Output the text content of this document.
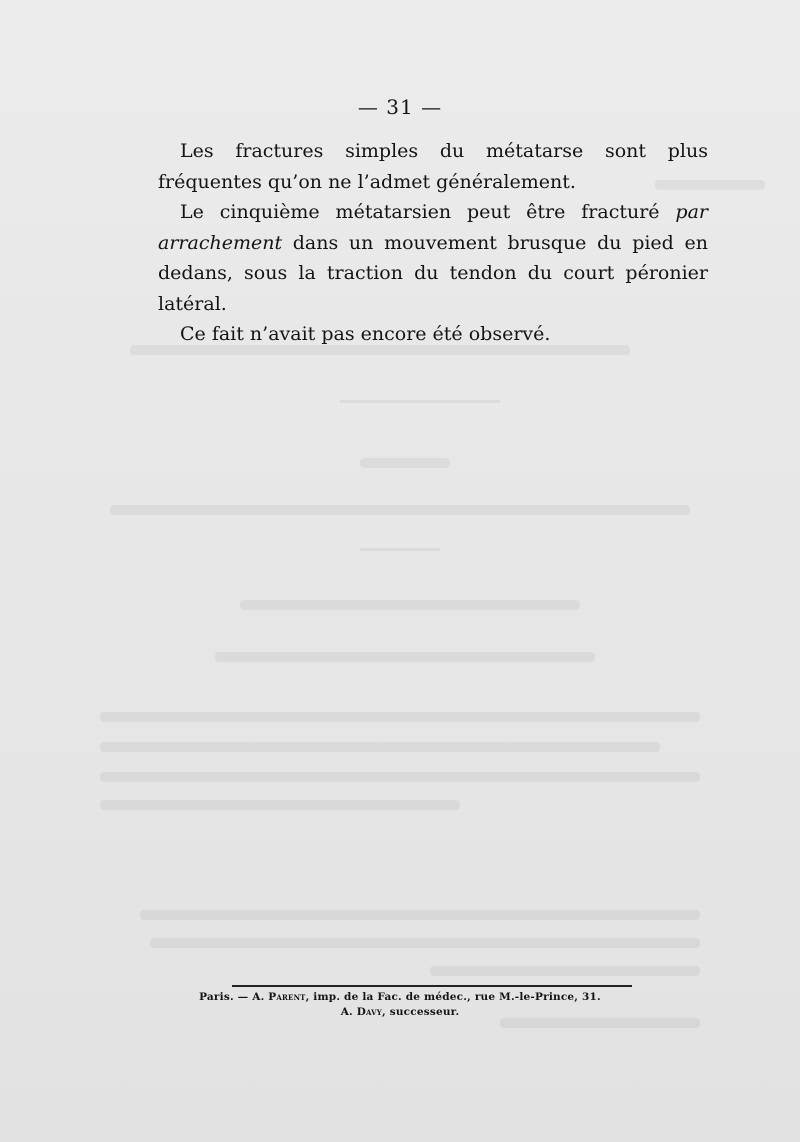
— 31 —

Les fractures simples du métatarse sont plus fréquentes qu’on ne l’admet généralement.

Le cinquième métatarsien peut être fracturé par arrachement dans un mouvement brusque du pied en dedans, sous la traction du tendon du court péronier latéral.

Ce fait n’avait pas encore été observé.

Paris. — A. Parent, imp. de la Fac. de médec., rue M.-le-Prince, 31.
A. Davy, successeur.
